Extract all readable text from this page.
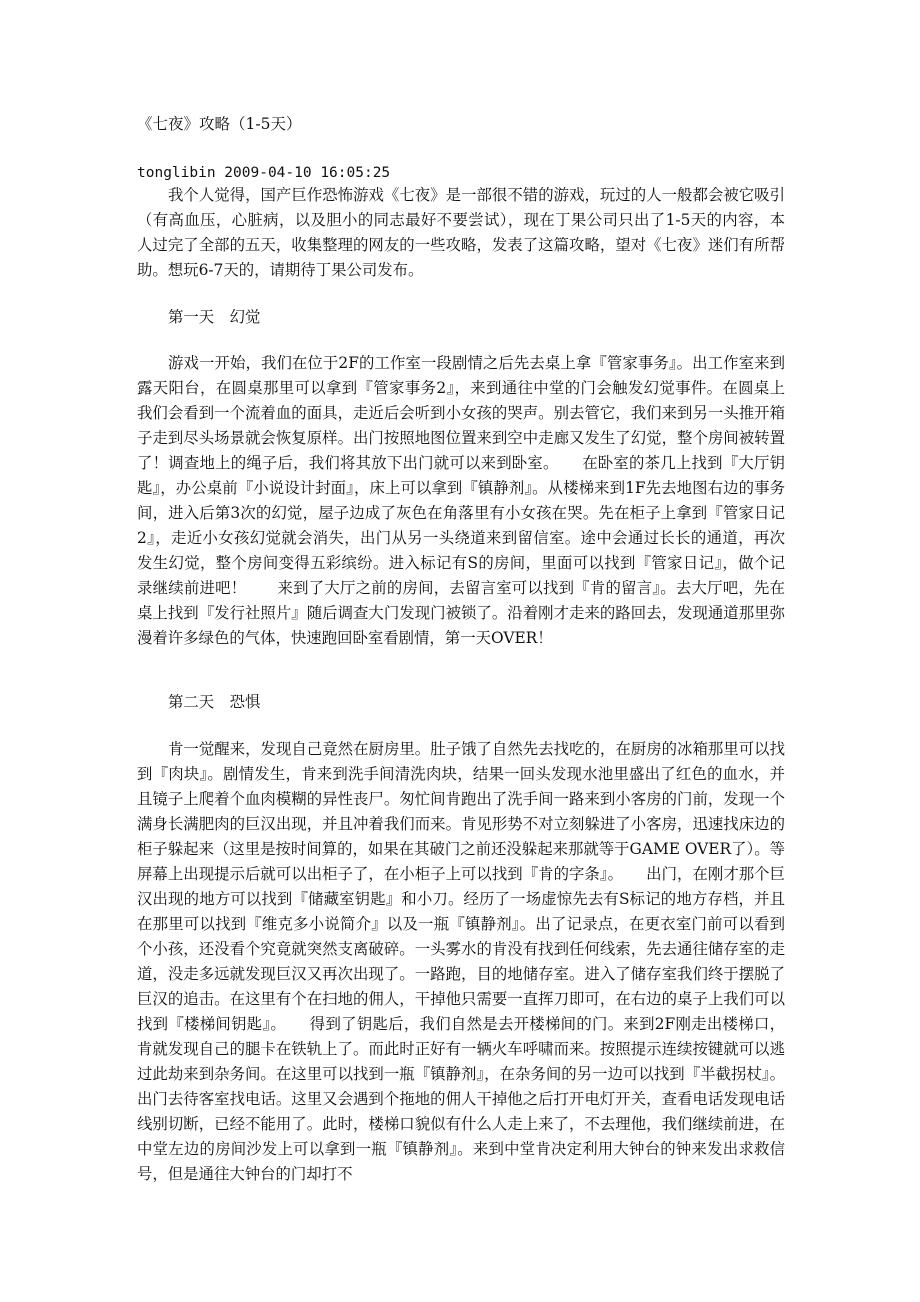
《七夜》攻略（1-5天）
tonglibin 2009-04-10 16:05:25

我个人觉得，国产巨作恐怖游戏《七夜》是一部很不错的游戏，玩过的人一般都会被它吸引（有高血压，心脏病，以及胆小的同志最好不要尝试），现在丁果公司只出了1-5天的内容，本人过完了全部的五天，收集整理的网友的一些攻略，发表了这篇攻略，望对《七夜》迷们有所帮助。想玩6-7天的，请期待丁果公司发布。

第一天　幻觉

游戏一开始，我们在位于2F的工作室一段剧情之后先去桌上拿『管家事务』。出工作室来到露天阳台，在圆桌那里可以拿到『管家事务2』，来到通往中堂的门会触发幻觉事件。在圆桌上我们会看到一个流着血的面具，走近后会听到小女孩的哭声。别去管它，我们来到另一头推开箱子走到尽头场景就会恢复原样。出门按照地图位置来到空中走廊又发生了幻觉，整个房间被转置了！调查地上的绳子后，我们将其放下出门就可以来到卧室。　　在卧室的茶几上找到『大厅钥匙』，办公桌前『小说设计封面』，床上可以拿到『镇静剂』。从楼梯来到1F先去地图右边的事务间，进入后第3次的幻觉，屋子边成了灰色在角落里有小女孩在哭。先在柜子上拿到『管家日记2』，走近小女孩幻觉就会消失，出门从另一头绕道来到留信室。途中会通过长长的通道，再次发生幻觉，整个房间变得五彩缤纷。进入标记有S的房间，里面可以找到『管家日记』，做个记录继续前进吧！　　来到了大厅之前的房间，去留言室可以找到『肯的留言』。去大厅吧，先在桌上找到『发行社照片』随后调查大门发现门被锁了。沿着刚才走来的路回去，发现通道那里弥漫着许多绿色的气体，快速跑回卧室看剧情，第一天OVER！

第二天　恐惧

肯一觉醒来，发现自己竟然在厨房里。肚子饿了自然先去找吃的，在厨房的冰箱那里可以找到『肉块』。剧情发生，肯来到洗手间清洗肉块，结果一回头发现水池里盛出了红色的血水，并且镜子上爬着个血肉模糊的异性丧尸。匆忙间肯跑出了洗手间一路来到小客房的门前，发现一个满身长满肥肉的巨汉出现，并且冲着我们而来。肯见形势不对立刻躲进了小客房，迅速找床边的柜子躲起来（这里是按时间算的，如果在其破门之前还没躲起来那就等于GAME OVER了）。等屏幕上出现提示后就可以出柜子了，在小柜子上可以找到『肯的字条』。　　出门，在刚才那个巨汉出现的地方可以找到『储藏室钥匙』和小刀。经历了一场虚惊先去有S标记的地方存档，并且在那里可以找到『维克多小说简介』以及一瓶『镇静剂』。出了记录点，在更衣室门前可以看到个小孩，还没看个究竟就突然支离破碎。一头雾水的肯没有找到任何线索，先去通往储存室的走道，没走多远就发现巨汉又再次出现了。一路跑，目的地储存室。进入了储存室我们终于摆脱了巨汉的追击。在这里有个在扫地的佣人，干掉他只需要一直挥刀即可，在右边的桌子上我们可以找到『楼梯间钥匙』。　　得到了钥匙后，我们自然是去开楼梯间的门。来到2F刚走出楼梯口，肯就发现自己的腿卡在铁轨上了。而此时正好有一辆火车呼啸而来。按照提示连续按键就可以逃过此劫来到杂务间。在这里可以找到一瓶『镇静剂』，在杂务间的另一边可以找到『半截拐杖』。出门去待客室找电话。这里又会遇到个拖地的佣人干掉他之后打开电灯开关，查看电话发现电话线别切断，已经不能用了。此时，楼梯口貌似有什么人走上来了，不去理他，我们继续前进，在中堂左边的房间沙发上可以拿到一瓶『镇静剂』。来到中堂肯决定利用大钟台的钟来发出求救信号，但是通往大钟台的门却打不
